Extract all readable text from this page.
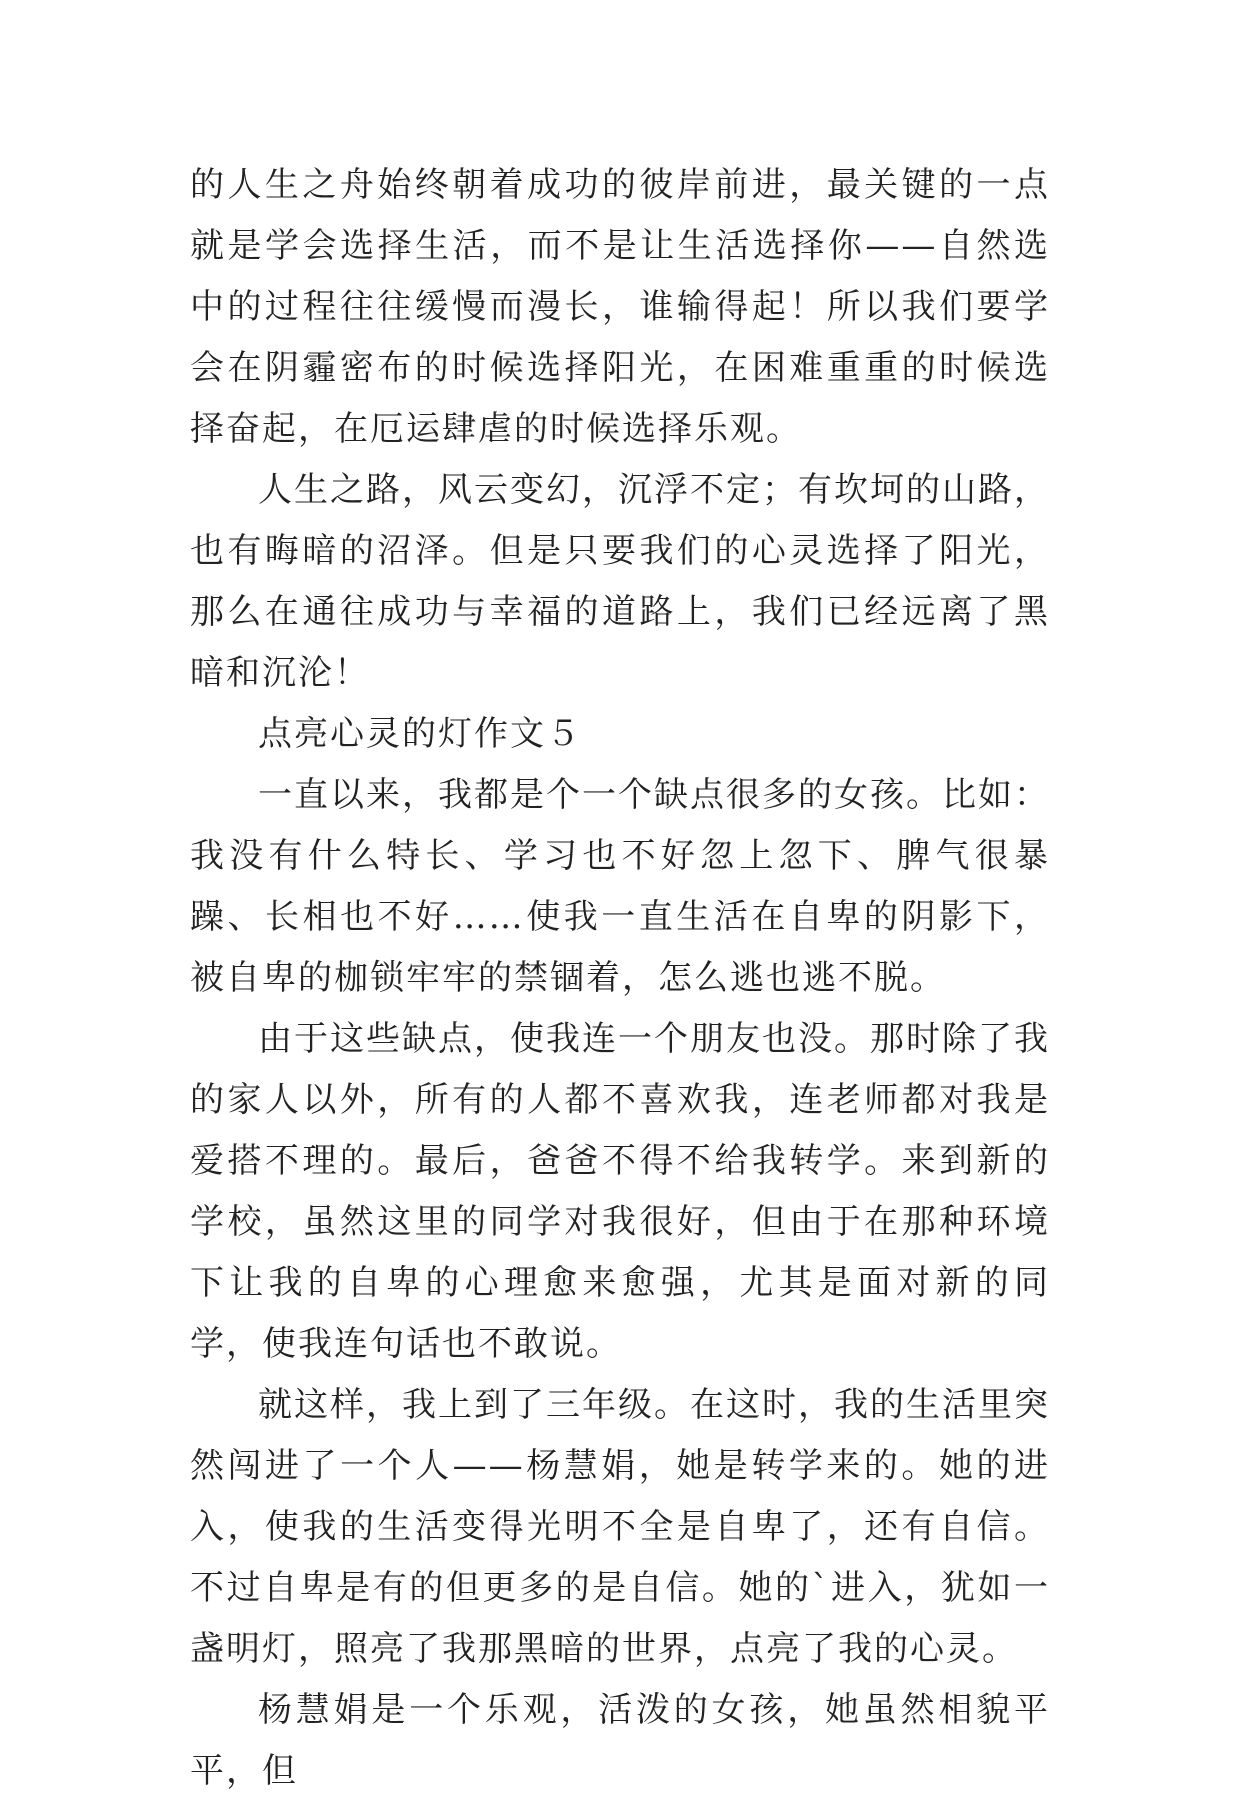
的人生之舟始终朝着成功的彼岸前进，最关键的一点就是学会选择生活，而不是让生活选择你——自然选中的过程往往缓慢而漫长，谁输得起！所以我们要学会在阴霾密布的时候选择阳光，在困难重重的时候选择奋起，在厄运肆虐的时候选择乐观。

人生之路，风云变幻，沉浮不定；有坎坷的山路，也有晦暗的沼泽。但是只要我们的心灵选择了阳光，那么在通往成功与幸福的道路上，我们已经远离了黑暗和沉沦！

点亮心灵的灯作文５

一直以来，我都是个一个缺点很多的女孩。比如：我没有什么特长、学习也不好忽上忽下、脾气很暴躁、长相也不好……使我一直生活在自卑的阴影下，被自卑的枷锁牢牢的禁锢着，怎么逃也逃不脱。

由于这些缺点，使我连一个朋友也没。那时除了我的家人以外，所有的人都不喜欢我，连老师都对我是爱搭不理的。最后，爸爸不得不给我转学。来到新的学校，虽然这里的同学对我很好，但由于在那种环境下让我的自卑的心理愈来愈强，尤其是面对新的同学，使我连句话也不敢说。

就这样，我上到了三年级。在这时，我的生活里突然闯进了一个人——杨慧娟，她是转学来的。她的进入，使我的生活变得光明不全是自卑了，还有自信。不过自卑是有的但更多的是自信。她的`进入，犹如一盏明灯，照亮了我那黑暗的世界，点亮了我的心灵。

杨慧娟是一个乐观，活泼的女孩，她虽然相貌平平，但
